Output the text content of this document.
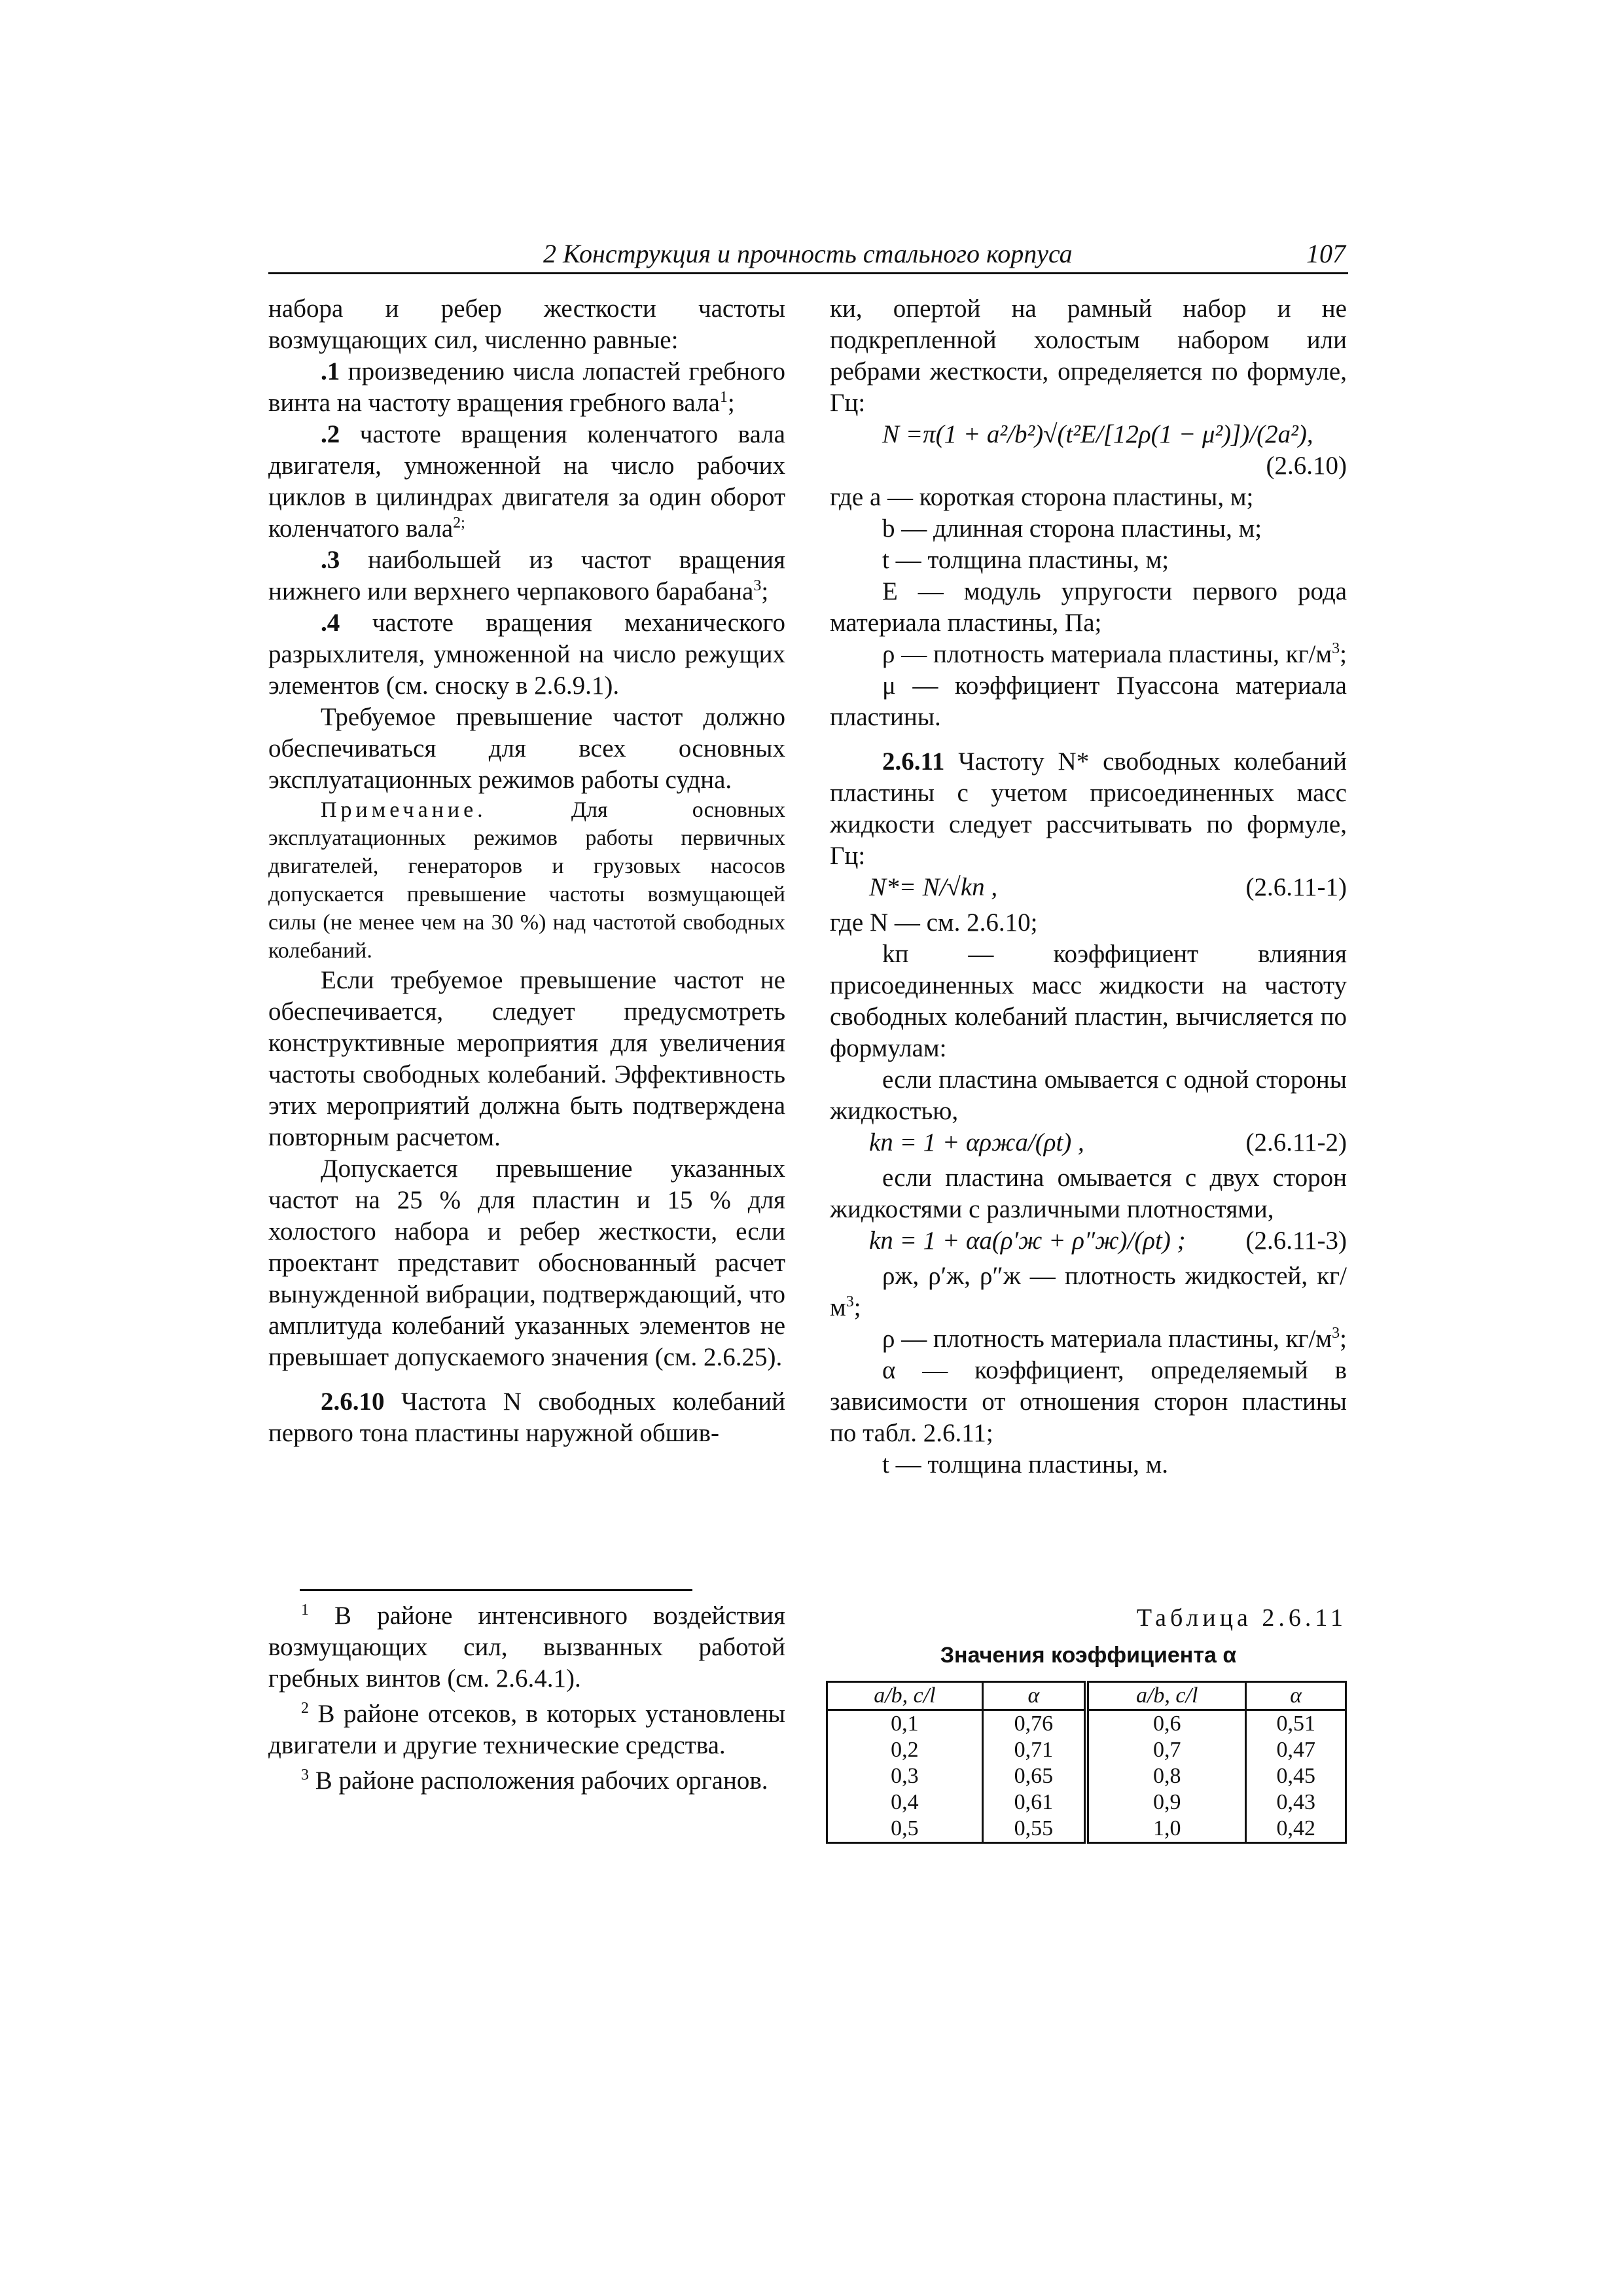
2 Конструкция и прочность стального корпуса	107

набора и ребер жесткости частоты возмущающих сил, численно равные:

.1 произведению числа лопастей гребного винта на частоту вращения гребного вала$^1$;

.2 частоте вращения коленчатого вала двигателя, умноженной на число рабочих циклов в цилиндрах двигателя за один оборот коленчатого вала$^{2;}$

.3 наибольшей из частот вращения нижнего или верхнего черпакового барабана$^3$;

.4 частоте вращения механического разрыхлителя, умноженной на число режущих элементов (см. сноску в 2.6.9.1).

Требуемое превышение частот должно обеспечиваться для всех основных эксплуатационных режимов работы судна.

Примечание. Для основных эксплуатационных режимов работы первичных двигателей, генераторов и грузовых насосов допускается превышение частоты возмущающей силы (не менее чем на 30 %) над частотой свободных колебаний.

Если требуемое превышение частот не обеспечивается, следует предусмотреть конструктивные мероприятия для увеличения частоты свободных колебаний. Эффективность этих мероприятий должна быть подтверждена повторным расчетом.

Допускается превышение указанных частот на 25 % для пластин и 15 % для холостого набора и ребер жесткости, если проектант представит обоснованный расчет вынужденной вибрации, подтверждающий, что амплитуда колебаний указанных элементов не превышает допускаемого значения (см. 2.6.25).

2.6.10 Частота N свободных колебаний первого тона пластины наружной обшив-

ки, опертой на рамный набор и не подкрепленной холостым набором или ребрами жесткости, определяется по формуле, Гц:

N =π(1 + a²/b²)√(t²E/[12ρ(1 − μ²)])/(2a²),

(2.6.10)

где a — короткая сторона пластины, м;

b — длинная сторона пластины, м;

t — толщина пластины, м;

E — модуль упругости первого рода материала пластины, Па;

ρ — плотность материала пластины, $кг/м^3$;

μ — коэффициент Пуассона материала пластины.

2.6.11 Частоту N* свободных колебаний пластины с учетом присоединенных масс жидкости следует рассчитывать по формуле, Гц:

N*= N/√kп ,	(2.6.11-1)

где N — см. 2.6.10;

kп — коэффициент влияния присоединенных масс жидкости на частоту свободных колебаний пластин, вычисляется по формулам:

если пластина омывается с одной стороны жидкостью,

kп = 1 + αρжa/(ρt) ,	(2.6.11-2)

если пластина омывается с двух сторон жидкостями с различными плотностями,

kп = 1 + αa(ρ′ж + ρ″ж)/(ρt) ; (2.6.11-3)

ρж, ρ′ж, ρ″ж — плотность жидкостей, $кг/м^3$;

ρ — плотность материала пластины, $кг/м^3$;

α — коэффициент, определяемый в зависимости от отношения сторон пластины по табл. 2.6.11;

t — толщина пластины, м.

$^1$ В районе интенсивного воздействия возмущающих сил, вызванных работой гребных винтов (см. 2.6.4.1).

$^2$ В районе отсеков, в которых установлены двигатели и другие технические средства.

$^3$ В районе расположения рабочих органов.

Таблица 2.6.11
Значения коэффициента α
a/b, c/l	α	a/b, c/l	α
0,1	0,76	0,6	0,51
0,2	0,71	0,7	0,47
0,3	0,65	0,8	0,45
0,4	0,61	0,9	0,43
0,5	0,55	1,0	0,42
